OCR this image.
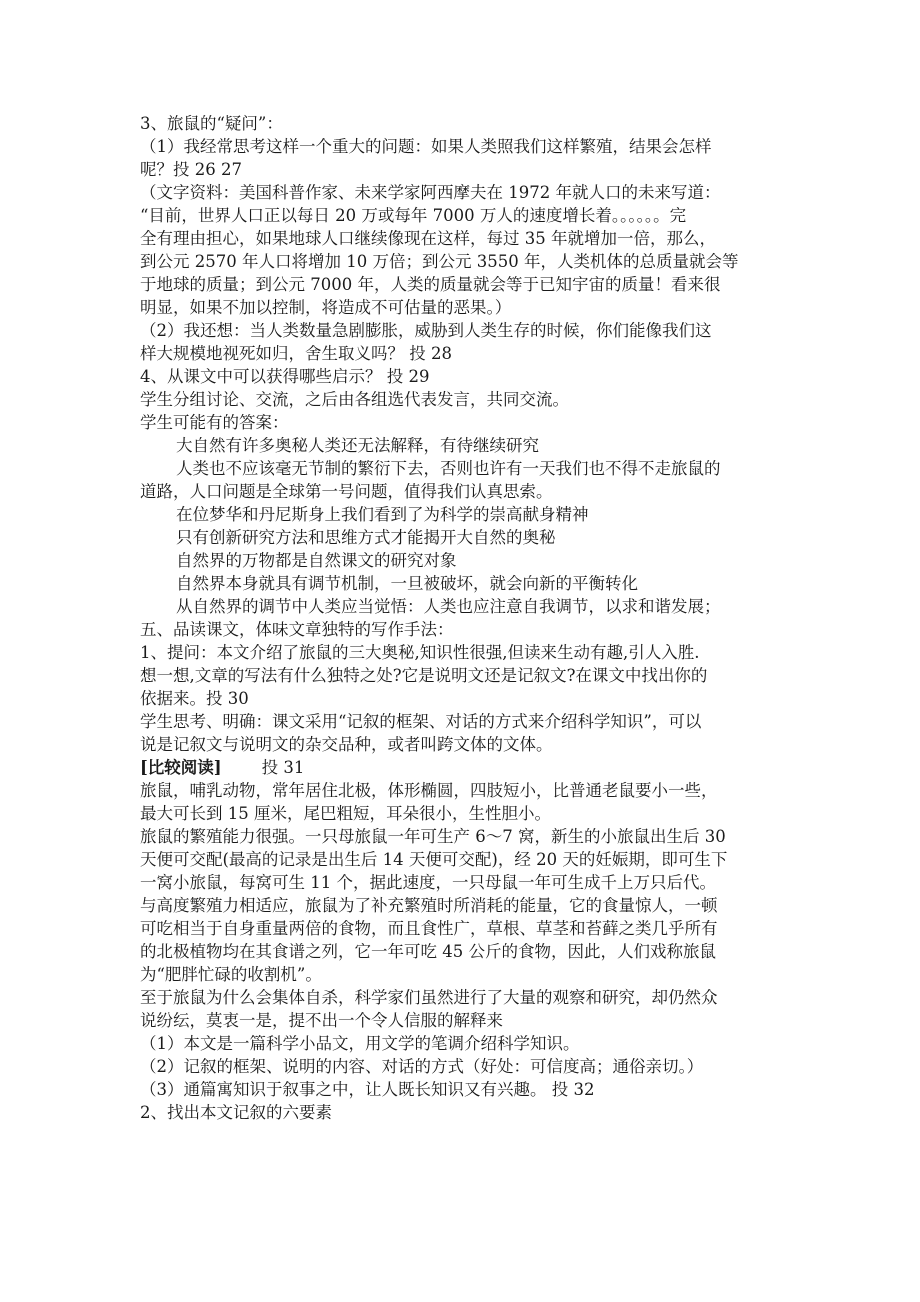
3、旅鼠的“疑问”：

（1）我经常思考这样一个重大的问题：如果人类照我们这样繁殖，结果会怎样

呢？投 26 27

（文字资料：美国科普作家、未来学家阿西摩夫在 1972 年就人口的未来写道：

“目前，世界人口正以每日 20 万或每年 7000 万人的速度增长着。。。。。。完

全有理由担心，如果地球人口继续像现在这样，每过 35 年就增加一倍，那么，

到公元 2570 年人口将增加 10 万倍；到公元 3550 年，人类机体的总质量就会等

于地球的质量；到公元 7000 年，人类的质量就会等于已知宇宙的质量！看来很

明显，如果不加以控制，将造成不可估量的恶果。）

（2）我还想：当人类数量急剧膨胀，威胁到人类生存的时候，你们能像我们这

样大规模地视死如归，舍生取义吗？ 投 28

4、从课文中可以获得哪些启示？ 投 29

学生分组讨论、交流，之后由各组选代表发言，共同交流。

学生可能有的答案：

大自然有许多奥秘人类还无法解释，有待继续研究

人类也不应该毫无节制的繁衍下去，否则也许有一天我们也不得不走旅鼠的

道路，人口问题是全球第一号问题，值得我们认真思索。

在位梦华和丹尼斯身上我们看到了为科学的崇高献身精神

只有创新研究方法和思维方式才能揭开大自然的奥秘

自然界的万物都是自然课文的研究对象

自然界本身就具有调节机制，一旦被破坏，就会向新的平衡转化

从自然界的调节中人类应当觉悟：人类也应注意自我调节，以求和谐发展；

五、品读课文，体味文章独特的写作手法：

1、提问：本文介绍了旅鼠的三大奥秘,知识性很强,但读来生动有趣,引人入胜.

想一想,文章的写法有什么独特之处?它是说明文还是记叙文?在课文中找出你的

依据来。投 30

学生思考、明确：课文采用“记叙的框架、对话的方式来介绍科学知识”，可以

说是记叙文与说明文的杂交品种，或者叫跨文体的文体。

[比较阅读] 投 31

旅鼠，哺乳动物，常年居住北极，体形椭圆，四肢短小，比普通老鼠要小一些，

最大可长到 15 厘米，尾巴粗短，耳朵很小，生性胆小。

旅鼠的繁殖能力很强。一只母旅鼠一年可生产 6～7 窝，新生的小旅鼠出生后 30

天便可交配(最高的记录是出生后 14 天便可交配)，经 20 天的妊娠期，即可生下

一窝小旅鼠，每窝可生 11 个，据此速度，一只母鼠一年可生成千上万只后代。

与高度繁殖力相适应，旅鼠为了补充繁殖时所消耗的能量，它的食量惊人，一顿

可吃相当于自身重量两倍的食物，而且食性广，草根、草茎和苔藓之类几乎所有

的北极植物均在其食谱之列，它一年可吃 45 公斤的食物，因此，人们戏称旅鼠

为“肥胖忙碌的收割机”。

至于旅鼠为什么会集体自杀，科学家们虽然进行了大量的观察和研究，却仍然众

说纷纭，莫衷一是，提不出一个令人信服的解释来

（1）本文是一篇科学小品文，用文学的笔调介绍科学知识。

（2）记叙的框架、说明的内容、对话的方式（好处：可信度高；通俗亲切。）

（3）通篇寓知识于叙事之中，让人既长知识又有兴趣。 投 32

2、找出本文记叙的六要素
